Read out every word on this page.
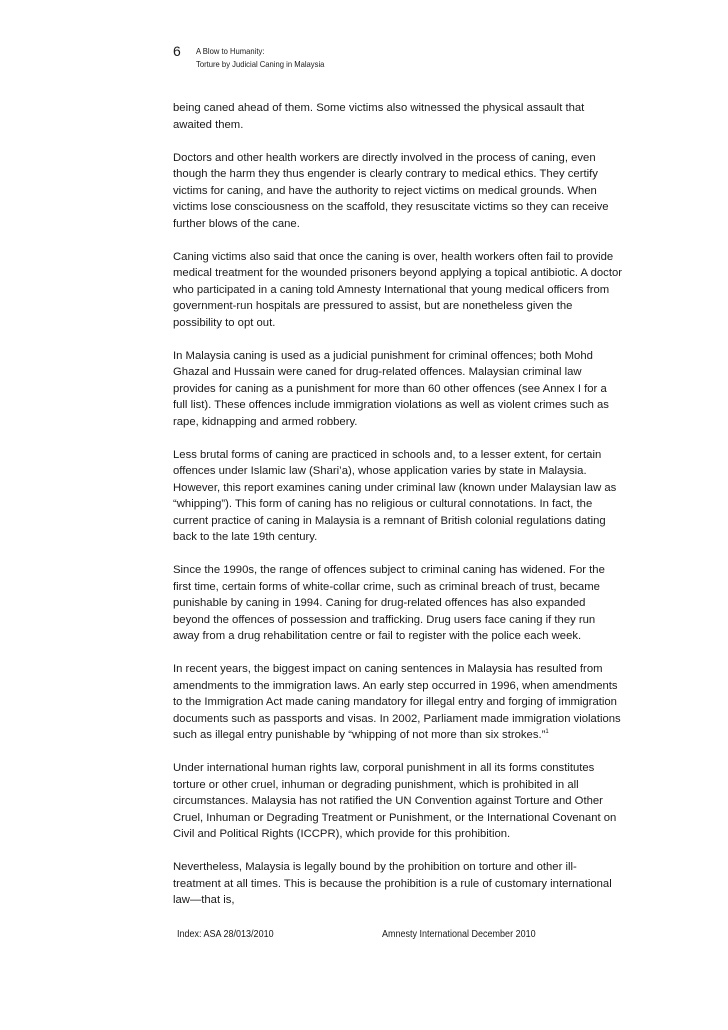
6 A Blow to Humanity:
Torture by Judicial Caning in Malaysia

being caned ahead of them. Some victims also witnessed the physical assault that awaited them.

Doctors and other health workers are directly involved in the process of caning, even though the harm they thus engender is clearly contrary to medical ethics. They certify victims for caning, and have the authority to reject victims on medical grounds. When victims lose consciousness on the scaffold, they resuscitate victims so they can receive further blows of the cane.

Caning victims also said that once the caning is over, health workers often fail to provide medical treatment for the wounded prisoners beyond applying a topical antibiotic. A doctor who participated in a caning told Amnesty International that young medical officers from government-run hospitals are pressured to assist, but are nonetheless given the possibility to opt out.

In Malaysia caning is used as a judicial punishment for criminal offences; both Mohd Ghazal and Hussain were caned for drug-related offences. Malaysian criminal law provides for caning as a punishment for more than 60 other offences (see Annex I for a full list). These offences include immigration violations as well as violent crimes such as rape, kidnapping and armed robbery.

Less brutal forms of caning are practiced in schools and, to a lesser extent, for certain offences under Islamic law (Shari’a), whose application varies by state in Malaysia. However, this report examines caning under criminal law (known under Malaysian law as “whipping”). This form of caning has no religious or cultural connotations. In fact, the current practice of caning in Malaysia is a remnant of British colonial regulations dating back to the late 19th century.

Since the 1990s, the range of offences subject to criminal caning has widened. For the first time, certain forms of white-collar crime, such as criminal breach of trust, became punishable by caning in 1994. Caning for drug-related offences has also expanded beyond the offences of possession and trafficking. Drug users face caning if they run away from a drug rehabilitation centre or fail to register with the police each week.

In recent years, the biggest impact on caning sentences in Malaysia has resulted from amendments to the immigration laws. An early step occurred in 1996, when amendments to the Immigration Act made caning mandatory for illegal entry and forging of immigration documents such as passports and visas. In 2002, Parliament made immigration violations such as illegal entry punishable by “whipping of not more than six strokes.”$^1$

Under international human rights law, corporal punishment in all its forms constitutes torture or other cruel, inhuman or degrading punishment, which is prohibited in all circumstances. Malaysia has not ratified the UN Convention against Torture and Other Cruel, Inhuman or Degrading Treatment or Punishment, or the International Covenant on Civil and Political Rights (ICCPR), which provide for this prohibition.

Nevertheless, Malaysia is legally bound by the prohibition on torture and other ill-treatment at all times. This is because the prohibition is a rule of customary international law—that is,

Index: ASA 28/013/2010	Amnesty International December 2010
